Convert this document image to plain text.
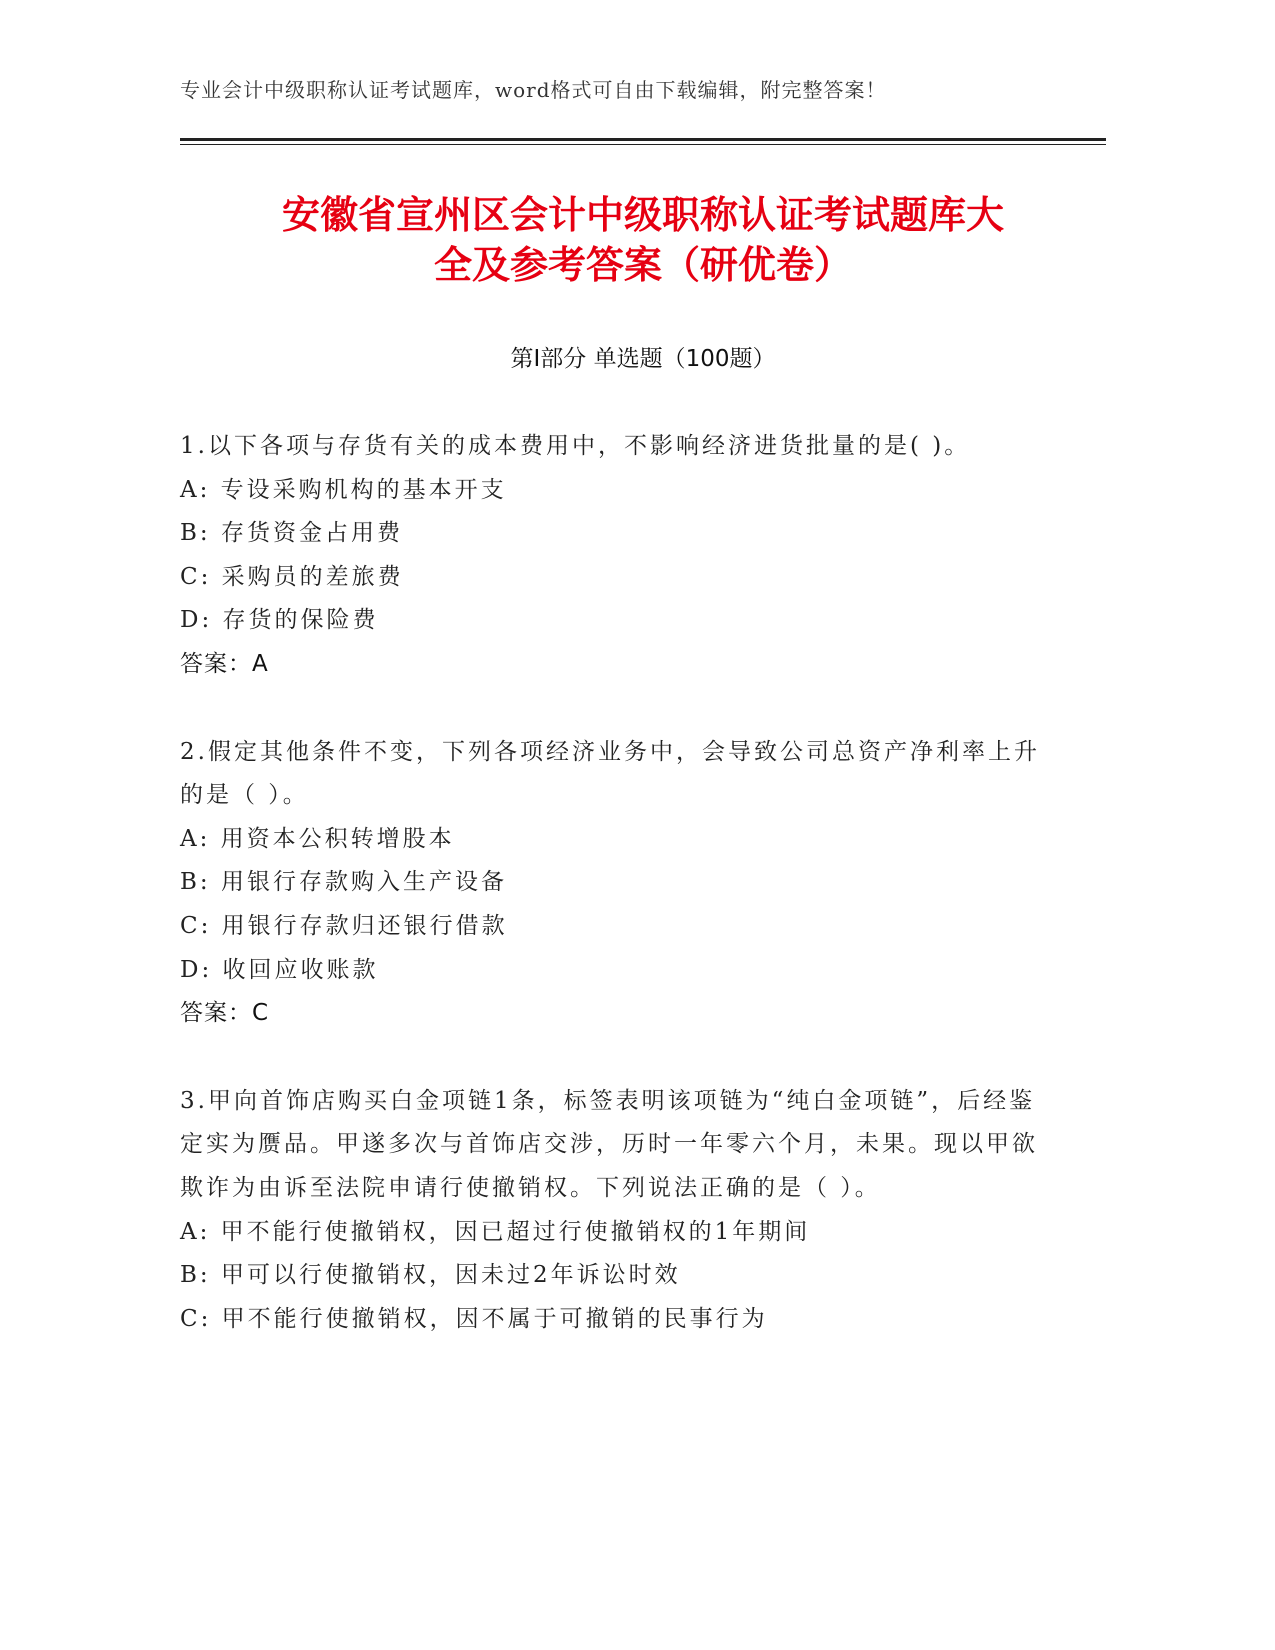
专业会计中级职称认证考试题库，word格式可自由下载编辑，附完整答案！
安徽省宣州区会计中级职称认证考试题库大
全及参考答案（研优卷）
第Ⅰ部分 单选题（100题）
1.以下各项与存货有关的成本费用中，不影响经济进货批量的是( )。
A: 专设采购机构的基本开支
B: 存货资金占用费
C: 采购员的差旅费
D: 存货的保险费
答案：A
2.假定其他条件不变，下列各项经济业务中，会导致公司总资产净利率上升的是（ ）。
A: 用资本公积转增股本
B: 用银行存款购入生产设备
C: 用银行存款归还银行借款
D: 收回应收账款
答案：C
3.甲向首饰店购买白金项链1条，标签表明该项链为“纯白金项链”，后经鉴定实为赝品。甲遂多次与首饰店交涉，历时一年零六个月，未果。现以甲欲欺诈为由诉至法院申请行使撤销权。下列说法正确的是（ ）。
A: 甲不能行使撤销权，因已超过行使撤销权的1年期间
B: 甲可以行使撤销权，因未过2年诉讼时效
C: 甲不能行使撤销权，因不属于可撤销的民事行为
